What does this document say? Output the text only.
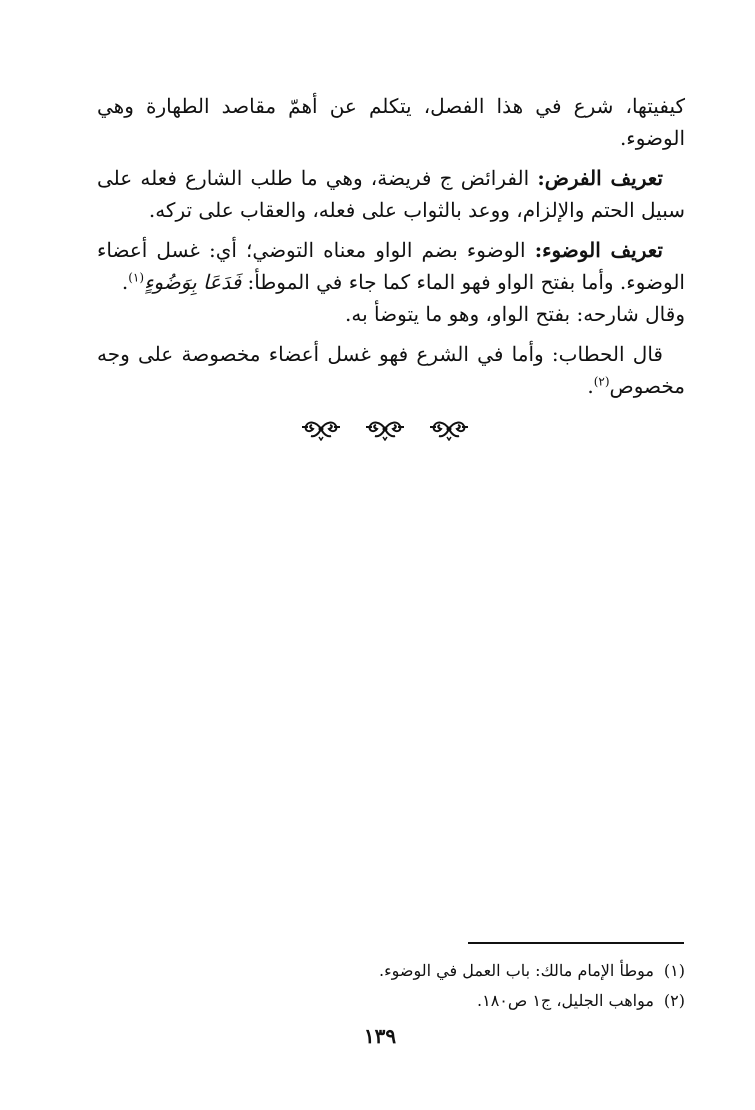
كيفيتها، شرع في هذا الفصل، يتكلم عن أهمّ مقاصد الطهارة وهي الوضوء.

تعريف الفرض: الفرائض ج فريضة، وهي ما طلب الشارع فعله على سبيل الحتم والإلزام، ووعد بالثواب على فعله، والعقاب على تركه.

تعريف الوضوء: الوضوء بضم الواو معناه التوضي؛ أي: غسل أعضاء الوضوء. وأما بفتح الواو فهو الماء كما جاء في الموطأ: فَدَعَا بِوَضُوءٍ$^{(١)}$.

وقال شارحه: بفتح الواو، وهو ما يتوضأ به.

قال الحطاب: وأما في الشرع فهو غسل أعضاء مخصوصة على وجه مخصوص$^{(٢)}$.

(١)موطأ الإمام مالك: باب العمل في الوضوء.
(٢)مواهب الجليل، ج١ ص١٨٠.
١٣٩
